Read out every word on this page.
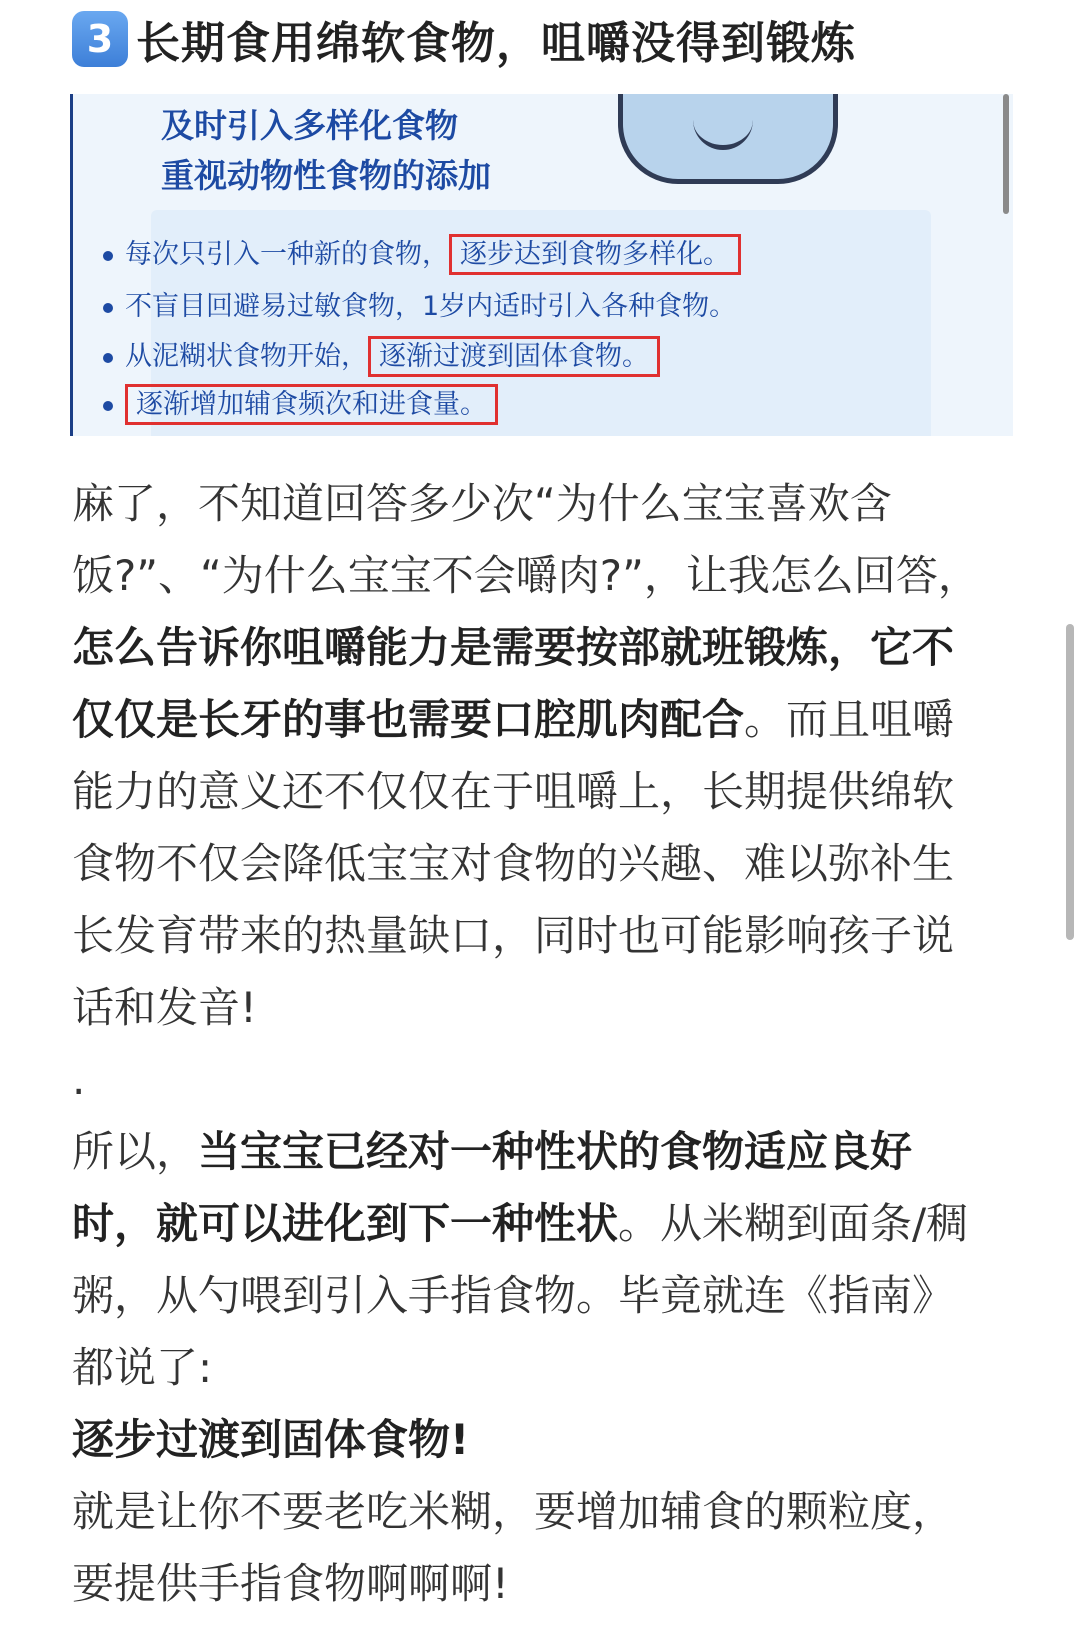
3 长期食用绵软食物，咀嚼没得到锻炼
及时引入多样化食物
重视动物性食物的添加
每次只引入一种新的食物， 逐步达到食物多样化。
不盲目回避易过敏食物，1岁内适时引入各种食物。
从泥糊状食物开始， 逐渐过渡到固体食物。
逐渐增加辅食频次和进食量。

麻了，不知道回答多少次“为什么宝宝喜欢含饭?”、“为什么宝宝不会嚼肉?”，让我怎么回答，怎么告诉你咀嚼能力是需要按部就班锻炼，它不仅仅是长牙的事也需要口腔肌肉配合。而且咀嚼能力的意义还不仅仅在于咀嚼上，长期提供绵软食物不仅会降低宝宝对食物的兴趣、难以弥补生长发育带来的热量缺口，同时也可能影响孩子说话和发音!

.

所以，当宝宝已经对一种性状的食物适应良好时，就可以进化到下一种性状。从米糊到面条/稠粥，从勺喂到引入手指食物。毕竟就连《指南》都说了:

逐步过渡到固体食物!

就是让你不要老吃米糊，要增加辅食的颗粒度，要提供手指食物啊啊啊!
